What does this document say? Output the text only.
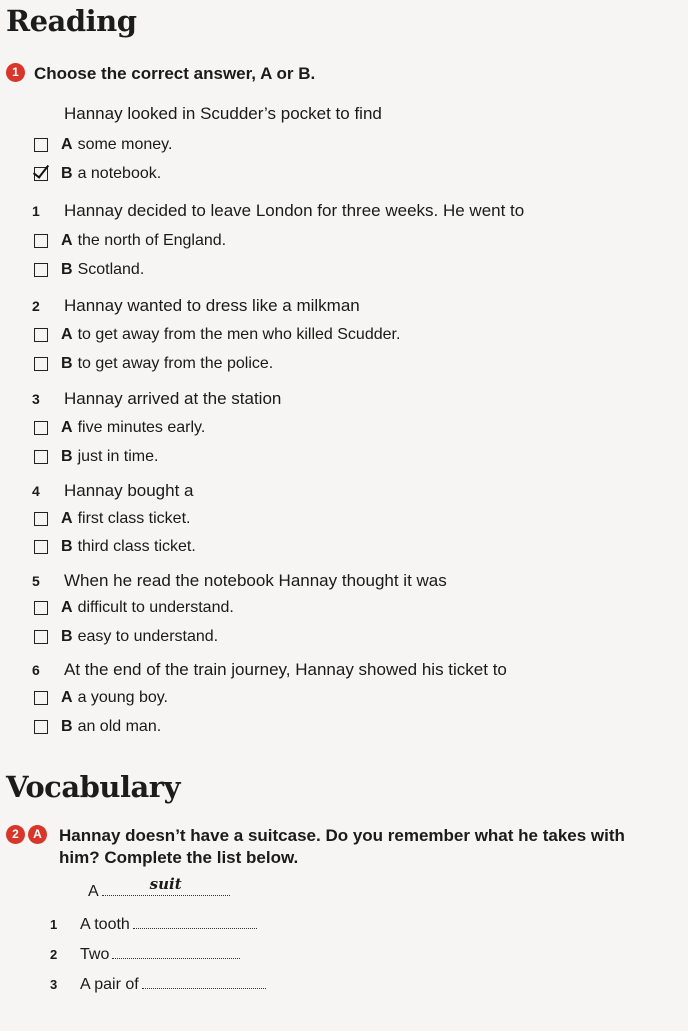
Reading
1 Choose the correct answer, A or B.
Hannay looked in Scudder’s pocket to find
A some money.
B a notebook.
1	Hannay decided to leave London for three weeks. He went to
A the north of England.
B Scotland.
2	Hannay wanted to dress like a milkman
A to get away from the men who killed Scudder.
B to get away from the police.
3	Hannay arrived at the station
A five minutes early.
B just in time.
4	Hannay bought a
A first class ticket.
B third class ticket.
5	When he read the notebook Hannay thought it was
A difficult to understand.
B easy to understand.
6	At the end of the train journey, Hannay showed his ticket to
A a young boy.
B an old man.
Vocabulary
2	A	Hannay doesn’t have a suitcase. Do you remember what he takes with
him? Complete the list below.
A	suit
1	A tooth
2	Two
3	A pair of
